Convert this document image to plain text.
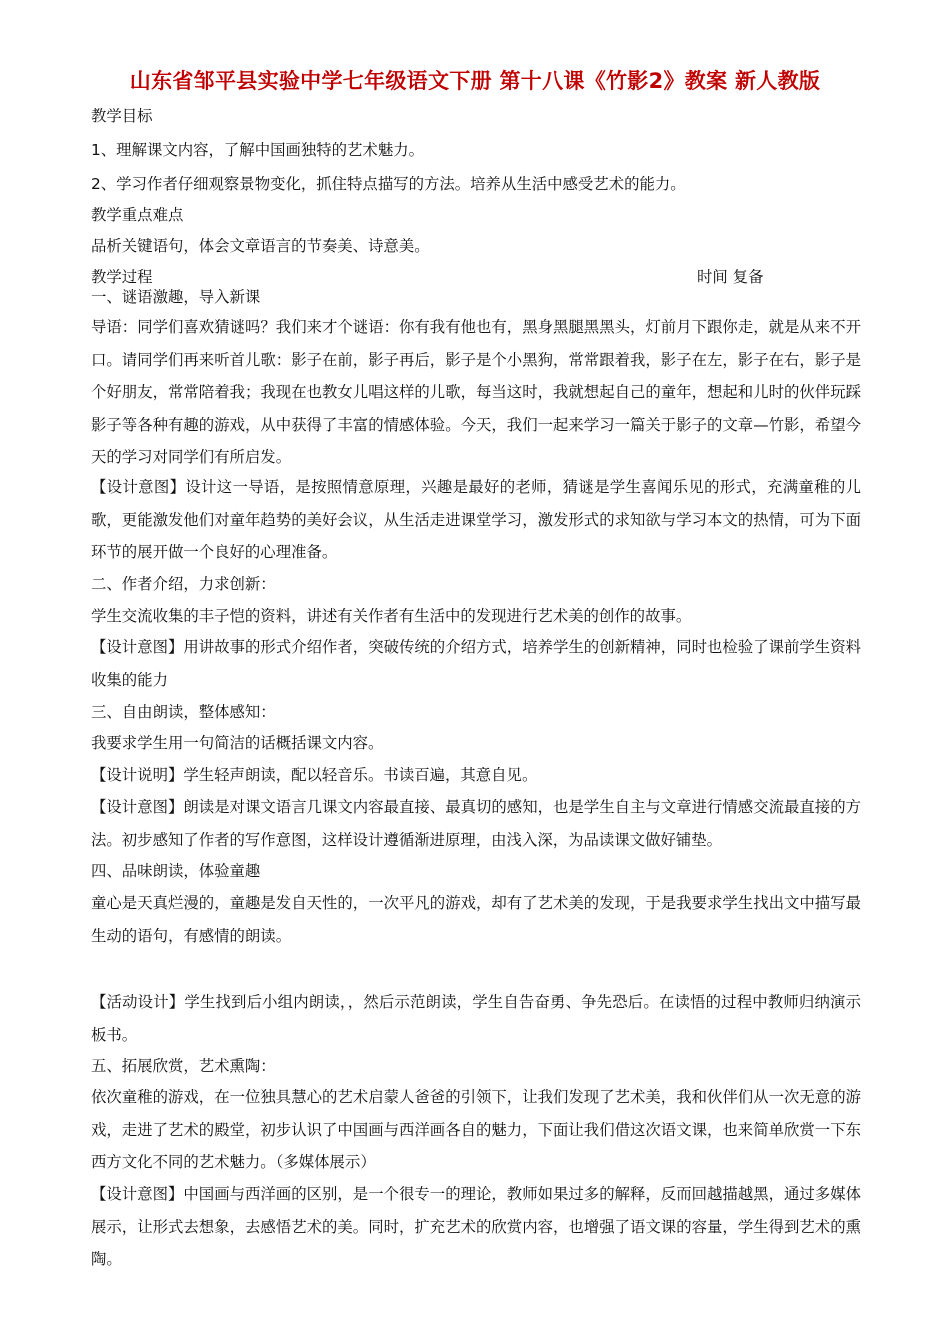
山东省邹平县实验中学七年级语文下册 第十八课《竹影2》教案 新人教版
教学目标
1、理解课文内容，了解中国画独特的艺术魅力。
2、学习作者仔细观察景物变化，抓住特点描写的方法。培养从生活中感受艺术的能力。
教学重点难点
品析关键语句，体会文章语言的节奏美、诗意美。
教学过程	时间 复备
一、谜语激趣，导入新课
导语：同学们喜欢猜谜吗？我们来才个谜语：你有我有他也有，黑身黑腿黑黑头，灯前月下跟你走，就是从来不开口。请同学们再来听首儿歌：影子在前，影子再后，影子是个小黑狗，常常跟着我，影子在左，影子在右，影子是个好朋友，常常陪着我；我现在也教女儿唱这样的儿歌，每当这时，我就想起自己的童年，想起和儿时的伙伴玩踩影子等各种有趣的游戏，从中获得了丰富的情感体验。今天，我们一起来学习一篇关于影子的文章—竹影，希望今天的学习对同学们有所启发。
【设计意图】设计这一导语，是按照情意原理，兴趣是最好的老师，猜谜是学生喜闻乐见的形式，充满童稚的儿歌，更能激发他们对童年趋势的美好会议，从生活走进课堂学习，激发形式的求知欲与学习本文的热情，可为下面环节的展开做一个良好的心理准备。
二、作者介绍，力求创新：
学生交流收集的丰子恺的资料，讲述有关作者有生活中的发现进行艺术美的创作的故事。
【设计意图】用讲故事的形式介绍作者，突破传统的介绍方式，培养学生的创新精神，同时也检验了课前学生资料收集的能力
三、自由朗读，整体感知：
我要求学生用一句简洁的话概括课文内容。
【设计说明】学生轻声朗读，配以轻音乐。书读百遍，其意自见。
【设计意图】朗读是对课文语言几课文内容最直接、最真切的感知，也是学生自主与文章进行情感交流最直接的方法。初步感知了作者的写作意图，这样设计遵循渐进原理，由浅入深，为品读课文做好铺垫。
四、品味朗读，体验童趣
童心是天真烂漫的，童趣是发自天性的，一次平凡的游戏，却有了艺术美的发现，于是我要求学生找出文中描写最生动的语句，有感情的朗读。
【活动设计】学生找到后小组内朗读，，然后示范朗读，学生自告奋勇、争先恐后。在读悟的过程中教师归纳演示板书。
五、拓展欣赏，艺术熏陶：
依次童稚的游戏，在一位独具慧心的艺术启蒙人爸爸的引领下，让我们发现了艺术美，我和伙伴们从一次无意的游戏，走进了艺术的殿堂，初步认识了中国画与西洋画各自的魅力，下面让我们借这次语文课，也来简单欣赏一下东西方文化不同的艺术魅力。（多媒体展示）
【设计意图】中国画与西洋画的区别，是一个很专一的理论，教师如果过多的解释，反而回越描越黑，通过多媒体展示，让形式去想象，去感悟艺术的美。同时，扩充艺术的欣赏内容，也增强了语文课的容量，学生得到艺术的熏陶。
